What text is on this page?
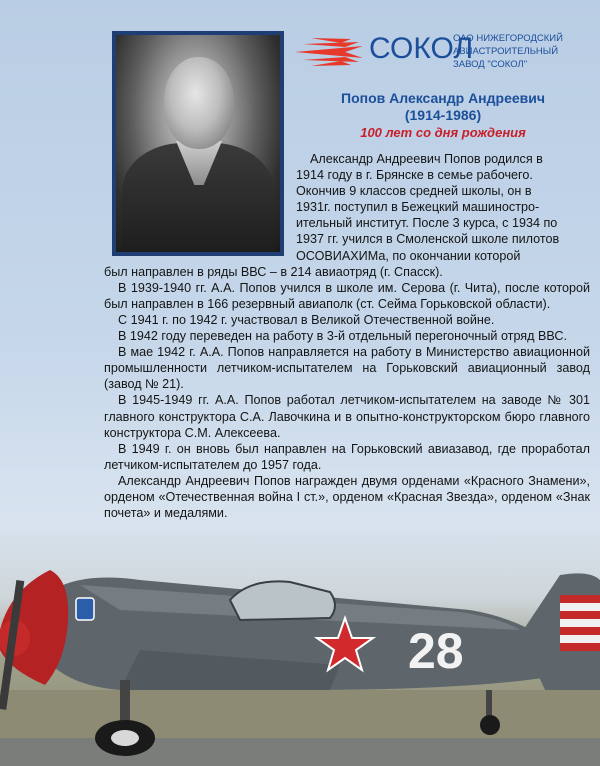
СОКОЛ
ОАО НИЖЕГОРОДСКИЙ
АВИАСТРОИТЕЛЬНЫЙ
ЗАВОД "СОКОЛ"
Попов Александр Андреевич
(1914-1986)
100 лет со дня рождения

Александр Андреевич Попов родился в

1914 году в г. Брянске в семье рабочего.

Окончив 9 классов средней школы, он в

1931г. поступил в Бежецкий машиностро-

ительный институт. После 3 курса, с 1934 по

1937 гг. учился в Смоленской школе пилотов

ОСОВИАХИМа, по окончании которой

был направлен в ряды ВВС – в 214 авиаотряд (г. Спасск).

В 1939-1940 гг. А.А. Попов учился в школе им. Серова (г. Чита), после которой был направлен в 166 резервный авиаполк (ст. Сейма Горьковской области).

С 1941 г. по 1942 г. участвовал в Великой Отечественной войне.

В 1942 году переведен на работу в 3-й отдельный перегоночный отряд ВВС.

В мае 1942 г. А.А. Попов направляется на работу в Министерство авиационной промышленности летчиком-испытателем на Горьковский авиационный завод (завод № 21).

В 1945-1949 гг. А.А. Попов работал летчиком-испытателем на заводе № 301 главного конструктора С.А. Лавочкина и в опытно-конструкторском бюро главного конструктора С.М. Алексеева.

В 1949 г. он вновь был направлен на Горьковский авиазавод, где проработал летчиком-испытателем до 1957 года.

Александр Андреевич Попов награжден двумя орденами «Красного Знамени», орденом «Отечественная война I ст.», орденом «Красная Звезда», орденом «Знак почета» и медалями.

28
